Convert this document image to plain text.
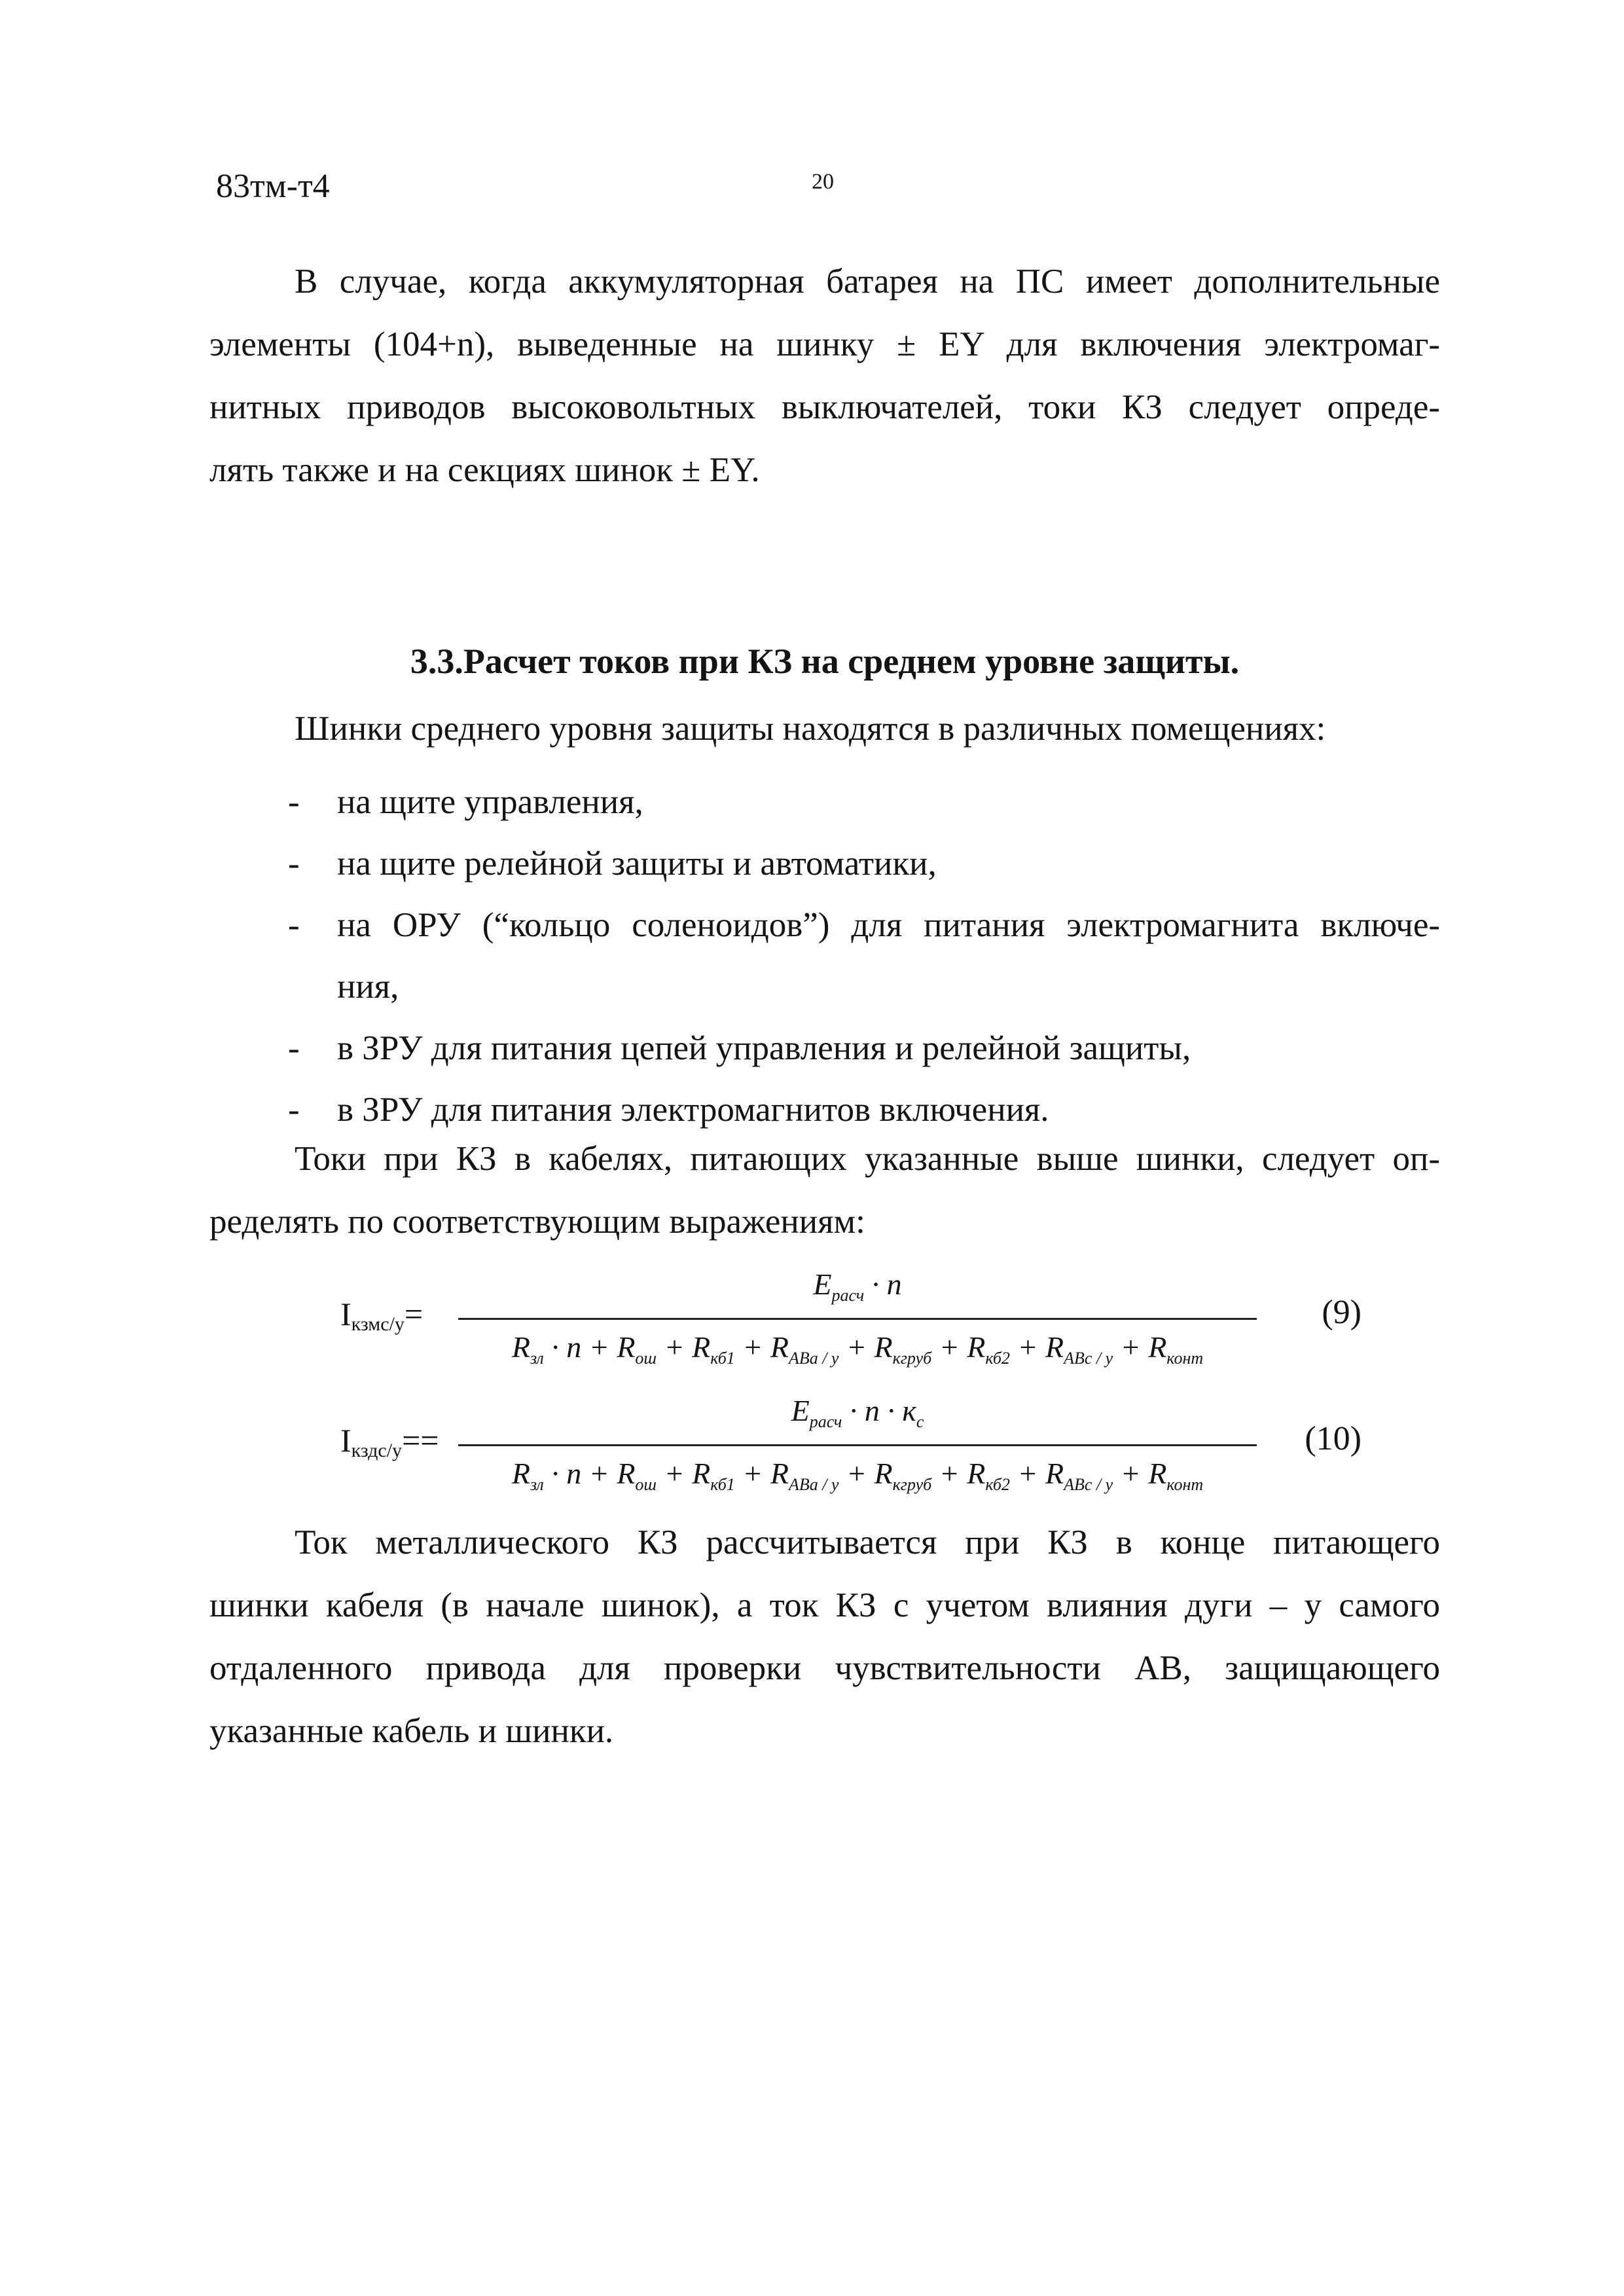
83тм-т4	20
В случае, когда аккумуляторная батарея на ПС имеет дополнительные
элементы (104+n), выведенные на шинку ± EY для включения электромаг-
нитных приводов высоковольтных выключателей, токи КЗ следует опреде-
лять также и на секциях шинок ± EY.
3.3.Расчет токов при КЗ на среднем уровне защиты.
Шинки среднего уровня защиты находятся в различных помещениях:
-	на щите управления,
-	на щите релейной защиты и автоматики,
-	на ОРУ (“кольцо соленоидов”) для питания электромагнита включе-
ния,
-	в ЗРУ для питания цепей управления и релейной защиты,
-	в ЗРУ для питания электромагнитов включения.
Токи при КЗ в кабелях, питающих указанные выше шинки, следует оп-
ределять по соответствующим выражениям:
$I_{кзмс/у}=$
$E_{расч} \cdot n$
$R_{зл} \cdot n + R_{ош} + R_{кб1} + R_{АВа / у} + R_{кгруб} + R_{кб2} + R_{АВс / у} + R_{конт}$
(9)
$I_{кздс/у}==$
$E_{расч} \cdot n \cdot к_с$
$R_{зл} \cdot n + R_{ош} + R_{кб1} + R_{АВа / у} + R_{кгруб} + R_{кб2} + R_{АВс / у} + R_{конт}$
(10)
Ток металлического КЗ рассчитывается при КЗ в конце питающего
шинки кабеля (в начале шинок), а ток КЗ с учетом влияния дуги – у самого
отдаленного привода для проверки чувствительности АВ, защищающего
указанные кабель и шинки.
